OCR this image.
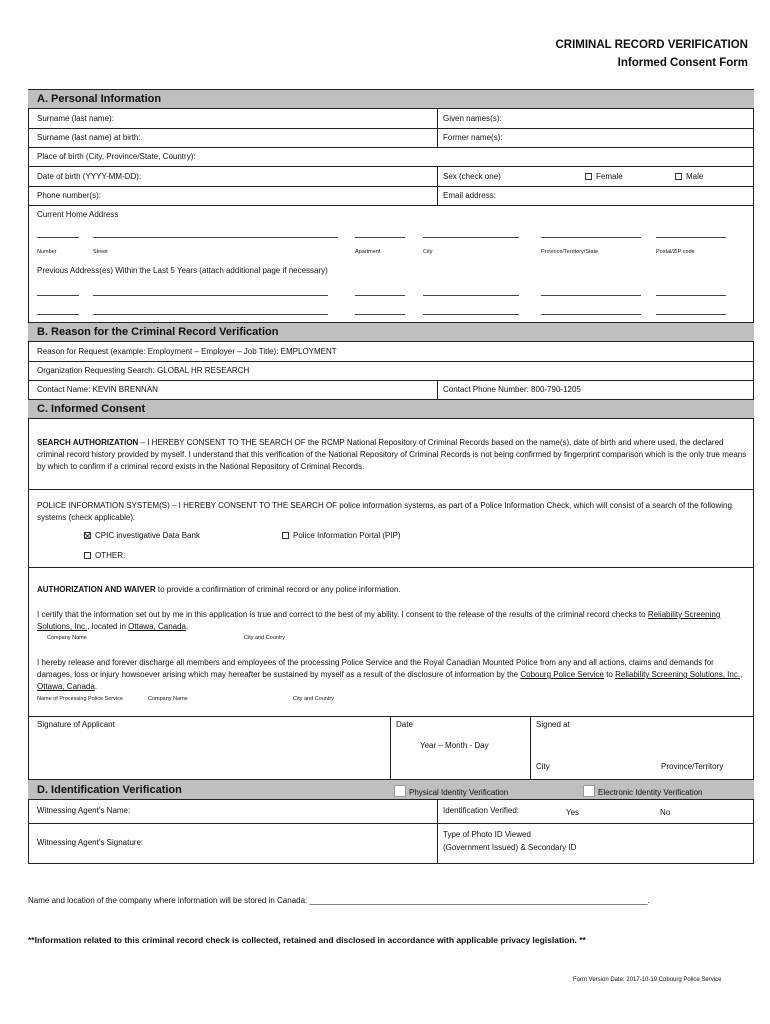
CRIMINAL RECORD VERIFICATION
Informed Consent Form
A. Personal Information
Surname (last name):	Given names(s):
Surname (last name) at birth:	Former name(s):
Place of birth (City, Province/State, Country):
Date of birth (YYYY-MM-DD):	Sex (check one)	Female	Male
Phone number(s):	Email address:
Current Home Address
Number	Street	Apartment	City	Province/Territory/State	Postal/ZIP code
Previous Address(es) Within the Last 5 Years (attach additional page if necessary)
B. Reason for the Criminal Record Verification
Reason for Request (example: Employment – Employer – Job Title): EMPLOYMENT
Organization Requesting Search: GLOBAL HR RESEARCH
Contact Name: KEVIN BRENNAN	Contact Phone Number: 800-790-1205
C. Informed Consent
SEARCH AUTHORIZATION – I HEREBY CONSENT TO THE SEARCH OF the RCMP National Repository of Criminal Records based on the name(s), date of birth and where used, the declared criminal record history provided by myself. I understand that this verification of the National Repository of Criminal Records is not being confirmed by fingerprint comparison which is the only true means by which to confirm if a criminal record exists in the National Repository of Criminal Records.
POLICE INFORMATION SYSTEM(S) – I HEREBY CONSENT TO THE SEARCH OF police information systems, as part of a Police Information Check, which will consist of a search of the following systems (check applicable):
CPIC investigative Data Bank	Police Information Portal (PIP)
OTHER:
AUTHORIZATION AND WAIVER to provide a confirmation of criminal record or any police information.
I certify that the information set out by me in this application is true and correct to the best of my ability. I consent to the release of the results of the criminal record checks to Reliability Screening Solutions, Inc., located in Ottawa, Canada.
Company Name	City and Country
I hereby release and forever discharge all members and employees of the processing Police Service and the Royal Canadian Mounted Police from any and all actions, claims and demands for damages, loss or injury howsoever arising which may hereafter be sustained by myself as a result of the disclosure of information by the Cobourg Police Service to Reliability Screening Solutions, Inc., Ottawa, Canada.
Name of Processing Police Service	Company Name	City and Country
Signature of Applicant	Date
Year – Month - Day
Signed at
City	Province/Territory
D. Identification Verification	Physical Identity Verification	Electronic Identity Verification
Witnessing Agent’s Name:	Identification Verified:	Yes	No
Witnessing Agent’s Signature:
Type of Photo ID Viewed
(Government Issued) & Secondary ID
Name and location of the company where information will be stored in Canada: ____________________________________________________________________________.
**Information related to this criminal record check is collected, retained and disclosed in accordance with applicable privacy legislation. **
Form Version Date: 2017-10-19 Cobourg Police Service
